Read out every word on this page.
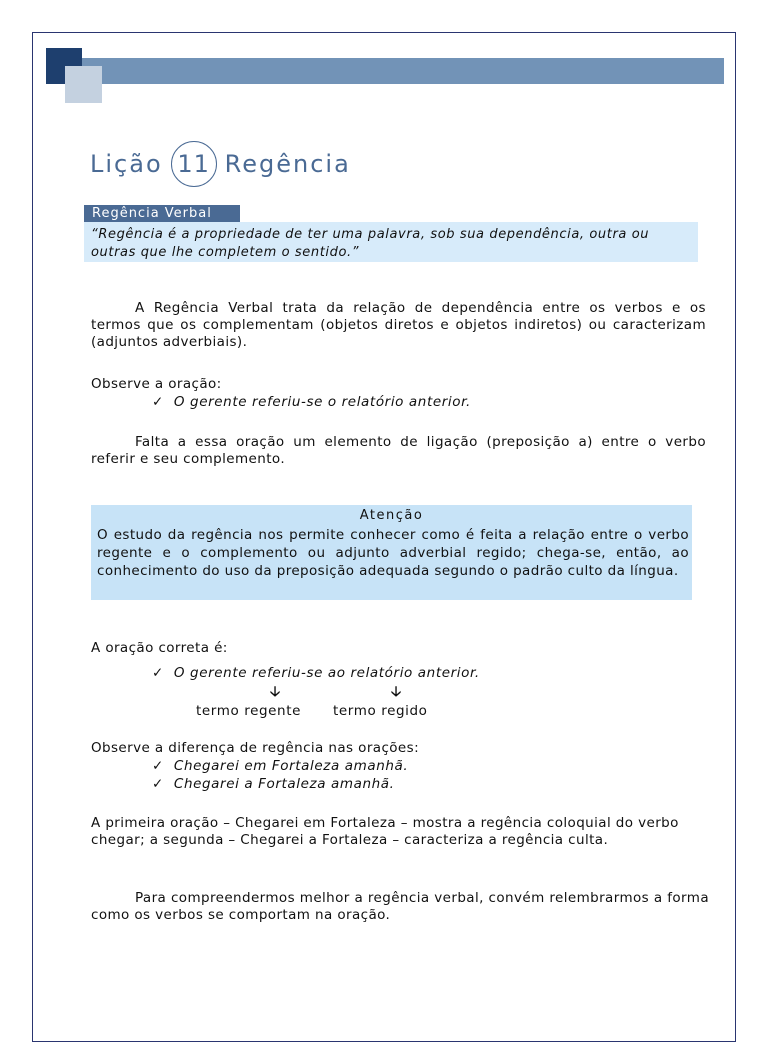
Lição 11 Regência
Regência Verbal
“Regência é a propriedade de ter uma palavra, sob sua dependência, outra ou outras que lhe completem o sentido.”
A Regência Verbal trata da relação de dependência entre os verbos e os termos que os complementam (objetos diretos e objetos indiretos) ou caracterizam (adjuntos adverbiais).
Observe a oração:
✓ O gerente referiu-se o relatório anterior.
Falta a essa oração um elemento de ligação (preposição a) entre o verbo referir e seu complemento.
Atenção
O estudo da regência nos permite conhecer como é feita a relação entre o verbo regente e o complemento ou adjunto adverbial regido; chega-se, então, ao conhecimento do uso da preposição adequada segundo o padrão culto da língua.
A oração correta é:
✓ O gerente referiu-se ao relatório anterior.
🡣	🡣
termo regente termo regido
Observe a diferença de regência nas orações:
✓ Chegarei em Fortaleza amanhã.
✓ Chegarei a Fortaleza amanhã.
A primeira oração – Chegarei em Fortaleza – mostra a regência coloquial do verbo chegar; a segunda – Chegarei a Fortaleza – caracteriza a regência culta.
Para compreendermos melhor a regência verbal, convém relembrarmos a forma como os verbos se comportam na oração.
